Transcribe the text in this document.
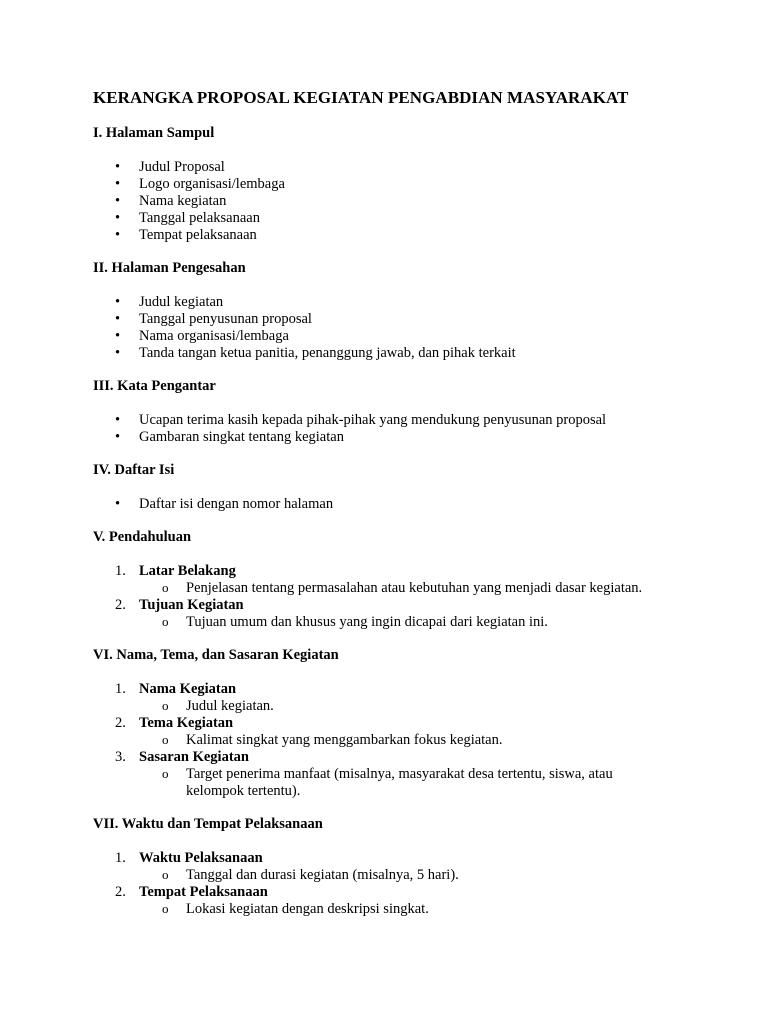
KERANGKA PROPOSAL KEGIATAN PENGABDIAN MASYARAKAT
I. Halaman Sampul
• Judul Proposal
• Logo organisasi/lembaga
• Nama kegiatan
• Tanggal pelaksanaan
• Tempat pelaksanaan
II. Halaman Pengesahan
• Judul kegiatan
• Tanggal penyusunan proposal
• Nama organisasi/lembaga
• Tanda tangan ketua panitia, penanggung jawab, dan pihak terkait
III. Kata Pengantar
• Ucapan terima kasih kepada pihak-pihak yang mendukung penyusunan proposal
• Gambaran singkat tentang kegiatan
IV. Daftar Isi
• Daftar isi dengan nomor halaman
V. Pendahuluan
1. Latar Belakang
o Penjelasan tentang permasalahan atau kebutuhan yang menjadi dasar kegiatan.
2. Tujuan Kegiatan
o Tujuan umum dan khusus yang ingin dicapai dari kegiatan ini.
VI. Nama, Tema, dan Sasaran Kegiatan
1. Nama Kegiatan
o Judul kegiatan.
2. Tema Kegiatan
o Kalimat singkat yang menggambarkan fokus kegiatan.
3. Sasaran Kegiatan
o Target penerima manfaat (misalnya, masyarakat desa tertentu, siswa, atau kelompok tertentu).
VII. Waktu dan Tempat Pelaksanaan
1. Waktu Pelaksanaan
o Tanggal dan durasi kegiatan (misalnya, 5 hari).
2. Tempat Pelaksanaan
o Lokasi kegiatan dengan deskripsi singkat.
